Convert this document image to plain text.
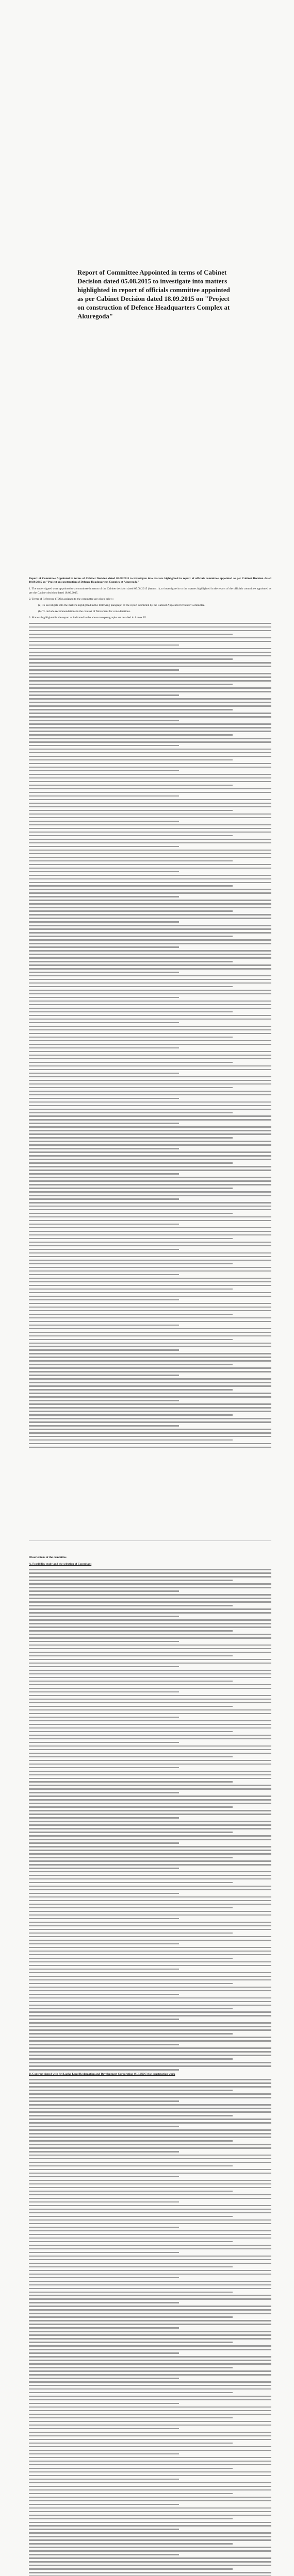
Report of Committee Appointed in terms of Cabinet Decision dated 05.08.2015 to investigate into matters highlighted in report of officials committee appointed as per Cabinet Decision dated 18.09.2015 on "Project on construction of Defence Headquarters Complex at Akuregoda"

Report of Committee Appointed in terms of Cabinet Decision dated 05.08.2015 to investigate into matters highlighted in report of officials committee appointed as per Cabinet Decision dated 18.09.2015 on "Project on construction of Defence Headquarters Complex at Akuregoda"

1. The under signed were appointed to a committee in terms of the Cabinet decision dated 05.08.2015 (Annex 1), to investigate in to the matters highlighted in the report of the officials committee appointed as per the Cabinet decision dated 18.09.2015.

2. Terms of Reference (TOR) assigned to the committee are given below:

(a) To investigate into the matters highlighted in the following paragraph of the report submitted by the Cabinet Appointed Officials' Committee.

(b) To include recommendations in the context of Movement for considerations.

3. Matters highlighted in the report as indicated in the above two paragraphs are detailed in Annex III.

Observations of the committee

A. Feasibility study and the selection of Consultant

B. Contract signed with Sri Lanka Land Reclamation and Development Corporation (SLLRDC) for construction work
